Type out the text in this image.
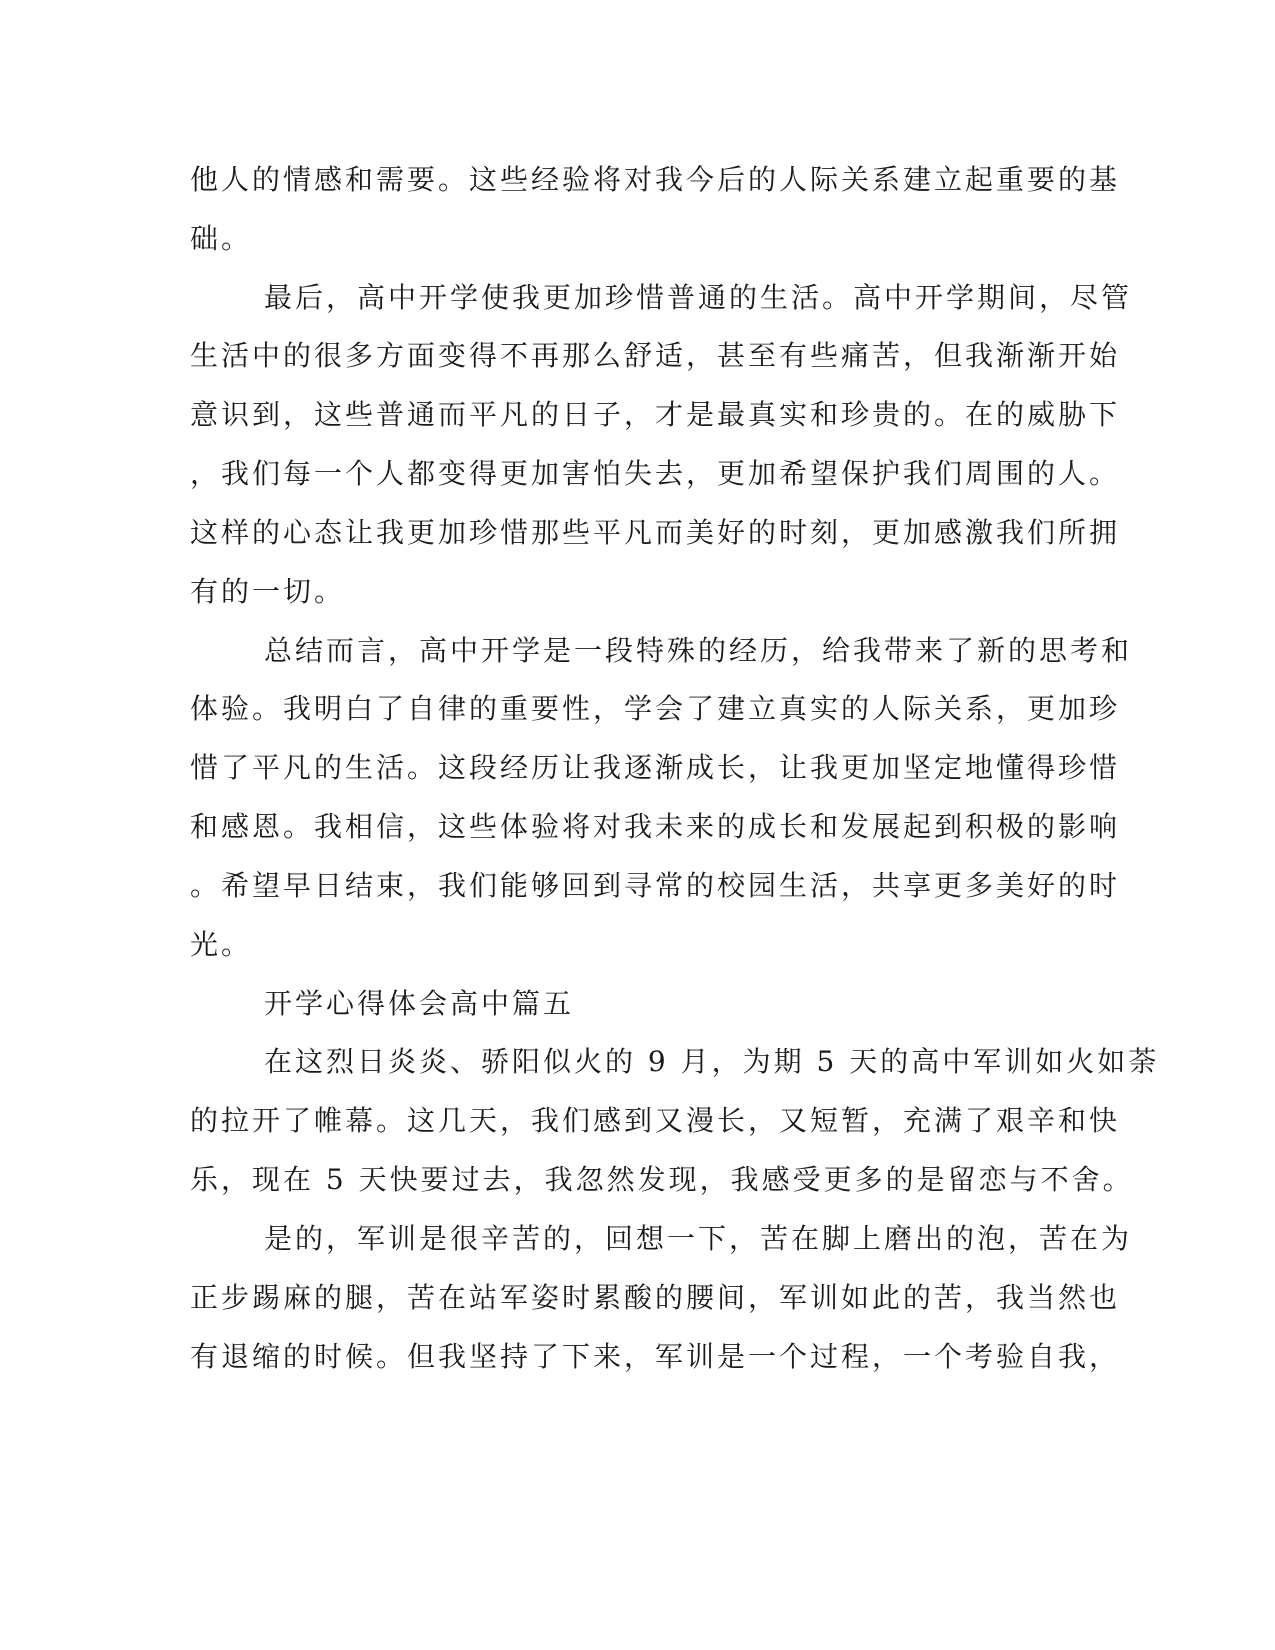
他人的情感和需要。这些经验将对我今后的人际关系建立起重要的基
础。
最后，高中开学使我更加珍惜普通的生活。高中开学期间，尽管
生活中的很多方面变得不再那么舒适，甚至有些痛苦，但我渐渐开始
意识到，这些普通而平凡的日子，才是最真实和珍贵的。在的威胁下
，我们每一个人都变得更加害怕失去，更加希望保护我们周围的人。
这样的心态让我更加珍惜那些平凡而美好的时刻，更加感激我们所拥
有的一切。
总结而言，高中开学是一段特殊的经历，给我带来了新的思考和
体验。我明白了自律的重要性，学会了建立真实的人际关系，更加珍
惜了平凡的生活。这段经历让我逐渐成长，让我更加坚定地懂得珍惜
和感恩。我相信，这些体验将对我未来的成长和发展起到积极的影响
。希望早日结束，我们能够回到寻常的校园生活，共享更多美好的时
光。
开学心得体会高中篇五
在这烈日炎炎、骄阳似火的 9 月，为期 5 天的高中军训如火如荼
的拉开了帷幕。这几天，我们感到又漫长，又短暂，充满了艰辛和快
乐，现在 5 天快要过去，我忽然发现，我感受更多的是留恋与不舍。
是的，军训是很辛苦的，回想一下，苦在脚上磨出的泡，苦在为
正步踢麻的腿，苦在站军姿时累酸的腰间，军训如此的苦，我当然也
有退缩的时候。但我坚持了下来，军训是一个过程，一个考验自我，
